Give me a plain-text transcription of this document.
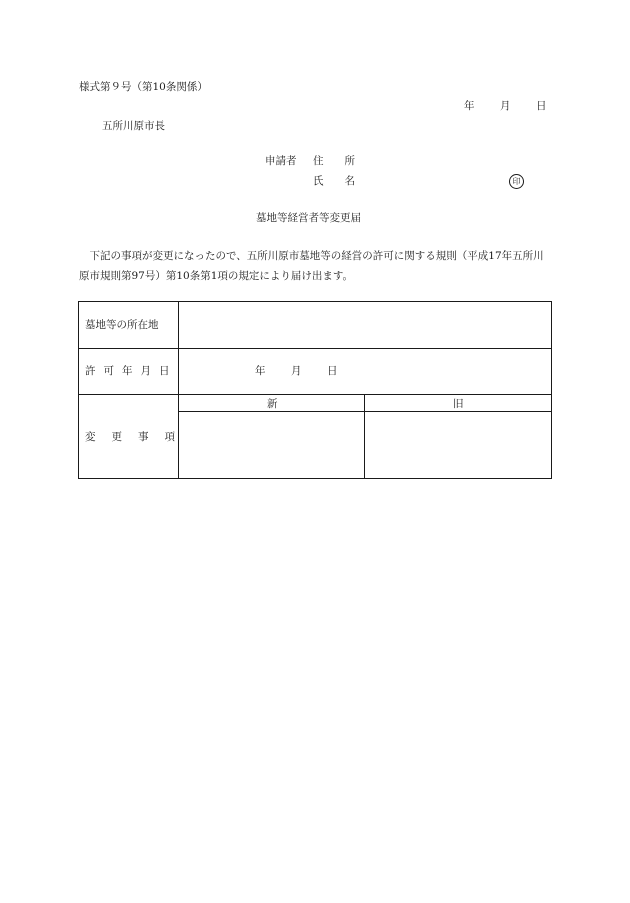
様式第９号（第10条関係）
年 月 日
五所川原市長
申請者 住　　所
氏　　名	印
墓地等経営者等変更届
下記の事項が変更になったので、五所川原市墓地等の経営の許可に関する規則（平成17年五所川原市規則第97号）第10条第1項の規定により届け出ます。
墓地等の所在地
許可年月日	年 月 日
変更事項
新	旧
